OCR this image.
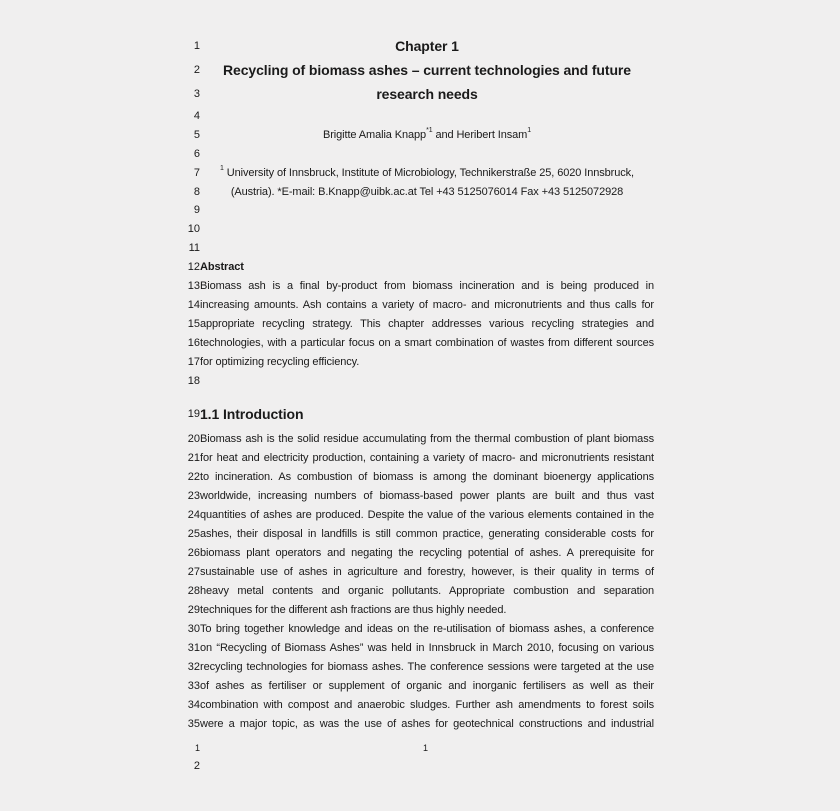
1	Chapter 1
2	Recycling of biomass ashes – current technologies and future
3	research needs
4
5	Brigitte Amalia Knapp$^{*1}$ and Heribert Insam$^1$
6
7	$^1$ University of Innsbruck, Institute of Microbiology, Technikerstraße 25, 6020 Innsbruck,
8	(Austria). *E-mail: B.Knapp@uibk.ac.at Tel +43 5125076014 Fax +43 5125072928
9
10
11
12 Abstract
13 Biomass ash is a final by-product from biomass incineration and is being produced in
14 increasing amounts. Ash contains a variety of macro- and micronutrients and thus calls for
15 appropriate recycling strategy. This chapter addresses various recycling strategies and
16 technologies, with a particular focus on a smart combination of wastes from different sources
17 for optimizing recycling efficiency.
18
19 1.1 Introduction
20 Biomass ash is the solid residue accumulating from the thermal combustion of plant biomass
21 for heat and electricity production, containing a variety of macro- and micronutrients resistant
22 to incineration. As combustion of biomass is among the dominant bioenergy applications
23 worldwide, increasing numbers of biomass-based power plants are built and thus vast
24 quantities of ashes are produced. Despite the value of the various elements contained in the
25 ashes, their disposal in landfills is still common practice, generating considerable costs for
26 biomass plant operators and negating the recycling potential of ashes. A prerequisite for
27 sustainable use of ashes in agriculture and forestry, however, is their quality in terms of
28 heavy metal contents and organic pollutants. Appropriate combustion and separation
29 techniques for the different ash fractions are thus highly needed.
30 To bring together knowledge and ideas on the re-utilisation of biomass ashes, a conference
31 on “Recycling of Biomass Ashes” was held in Innsbruck in March 2010, focusing on various
32 recycling technologies for biomass ashes. The conference sessions were targeted at the use
33 of ashes as fertiliser or supplement of organic and inorganic fertilisers as well as their
34 combination with compost and anaerobic sludges. Further ash amendments to forest soils
35 were a major topic, as was the use of ashes for geotechnical constructions and industrial
1	1
2
